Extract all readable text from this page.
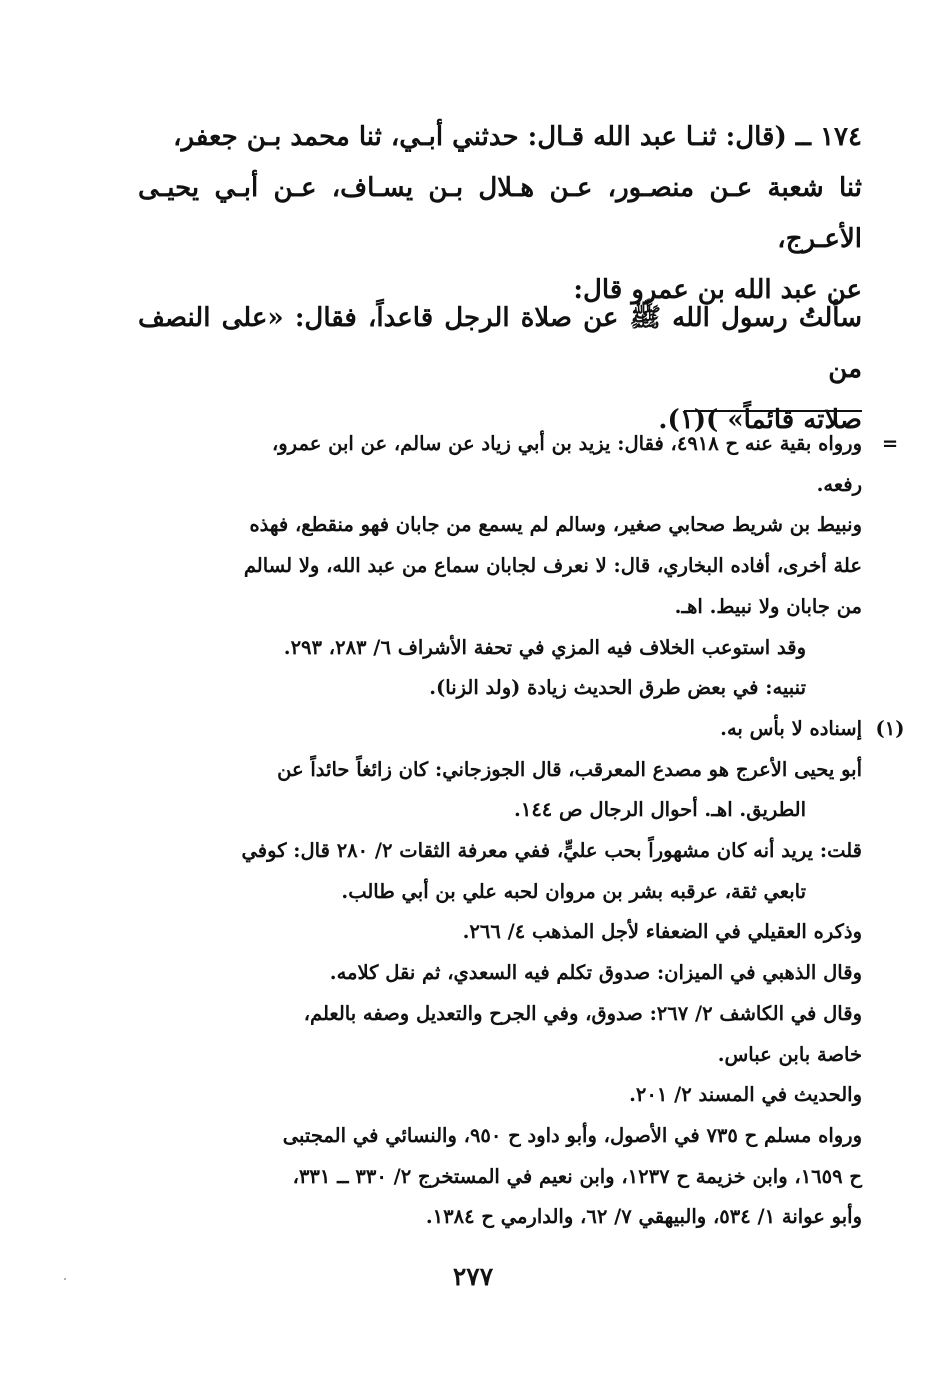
١٧٤ ــ (قال: ثنـا عبد الله قـال: حدثني أبـي، ثنا محمد بـن جعفر،

ثنا شعبة عـن منصـور، عـن هـلال بـن يسـاف، عـن أبـي يحيـى الأعـرج،

عن عبد الله بن عمرو قال:

سألتُ رسول الله ﷺ عن صلاة الرجل قاعداً، فقال: «على النصف من

صلاته قائماً» )(١).

=
ورواه بقية عنه ح ٤٩١٨، فقال: يزيد بن أبي زياد عن سالم، عن ابن عمرو،
رفعه.
ونبيط بن شريط صحابي صغير، وسالم لم يسمع من جابان فهو منقطع، فهذه
علة أخرى، أفاده البخاري، قال: لا نعرف لجابان سماع من عبد الله، ولا لسالم
من جابان ولا نبيط. اهـ.
وقد استوعب الخلاف فيه المزي في تحفة الأشراف ٦/ ٢٨٣، ٢٩٣.
تنبيه: في بعض طرق الحديث زيادة (ولد الزنا).
(١)
إسناده لا بأس به.
أبو يحيى الأعرج هو مصدع المعرقب، قال الجوزجاني: كان زائغاً حائداً عن
الطريق. اهـ. أحوال الرجال ص ١٤٤.
قلت: يريد أنه كان مشهوراً بحب عليٍّ، ففي معرفة الثقات ٢/ ٢٨٠ قال: كوفي
تابعي ثقة، عرقبه بشر بن مروان لحبه علي بن أبي طالب.
وذكره العقيلي في الضعفاء لأجل المذهب ٤/ ٢٦٦.
وقال الذهبي في الميزان: صدوق تكلم فيه السعدي، ثم نقل كلامه.
وقال في الكاشف ٢/ ٢٦٧: صدوق، وفي الجرح والتعديل وصفه بالعلم،
خاصة بابن عباس.
والحديث في المسند ٢/ ٢٠١.
ورواه مسلم ح ٧٣٥ في الأصول، وأبو داود ح ٩٥٠، والنسائي في المجتبى
ح ١٦٥٩، وابن خزيمة ح ١٢٣٧، وابن نعيم في المستخرج ٢/ ٣٣٠ ــ ٣٣١،
وأبو عوانة ١/ ٥٣٤، والبيهقي ٧/ ٦٢، والدارمي ح ١٣٨٤.
٢٧٧
